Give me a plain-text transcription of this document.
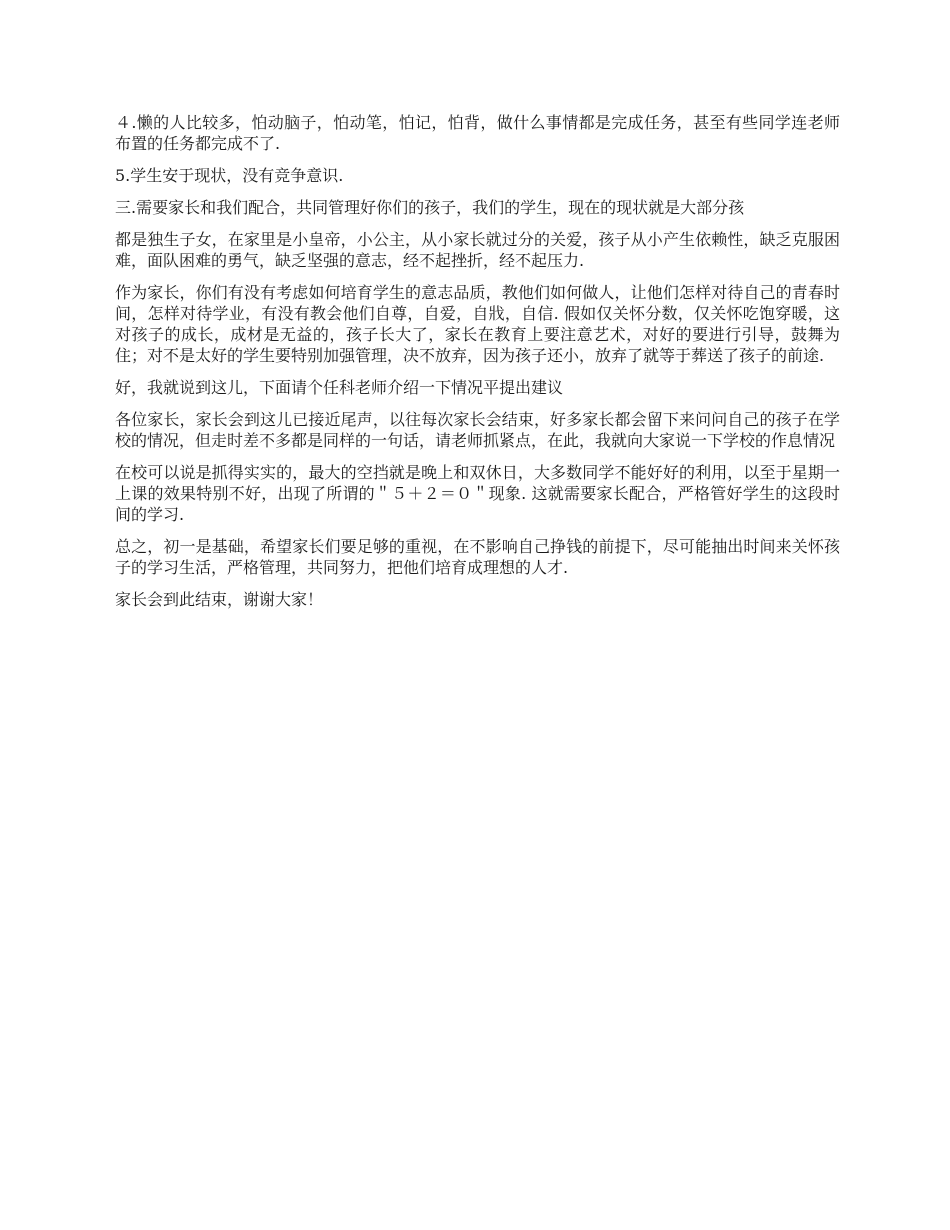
４.懒的人比较多，怕动脑子，怕动笔，怕记，怕背，做什么事情都是完成任务，甚至有些同学连老师布置的任务都完成不了.

5.学生安于现状，没有竞争意识.

三.需要家长和我们配合，共同管理好你们的孩子，我们的学生，现在的现状就是大部分孩

都是独生子女，在家里是小皇帝，小公主，从小家长就过分的关爱，孩子从小产生依赖性，缺乏克服困难，面队困难的勇气，缺乏坚强的意志，经不起挫折，经不起压力.

作为家长，你们有没有考虑如何培育学生的意志品质，教他们如何做人，让他们怎样对待自己的青春时间，怎样对待学业，有没有教会他们自尊，自爱，自戕，自信. 假如仅关怀分数，仅关怀吃饱穿暖，这对孩子的成长，成材是无益的，孩子长大了，家长在教育上要注意艺术，对好的要进行引导，鼓舞为住；对不是太好的学生要特别加强管理，决不放弃，因为孩子还小，放弃了就等于葬送了孩子的前途.

好，我就说到这儿，下面请个任科老师介绍一下情况平提出建议

各位家长，家长会到这儿已接近尾声，以往每次家长会结束，好多家长都会留下来问问自己的孩子在学校的情况，但走时差不多都是同样的一句话，请老师抓紧点，在此，我就向大家说一下学校的作息情况

在校可以说是抓得实实的，最大的空挡就是晚上和双休日，大多数同学不能好好的利用，以至于星期一上课的效果特别不好，出现了所谓的＂５＋２＝０＂现象. 这就需要家长配合，严格管好学生的这段时间的学习.

总之，初一是基础，希望家长们要足够的重视，在不影响自己挣钱的前提下，尽可能抽出时间来关怀孩子的学习生活，严格管理，共同努力，把他们培育成理想的人才.

家长会到此结束，谢谢大家！
